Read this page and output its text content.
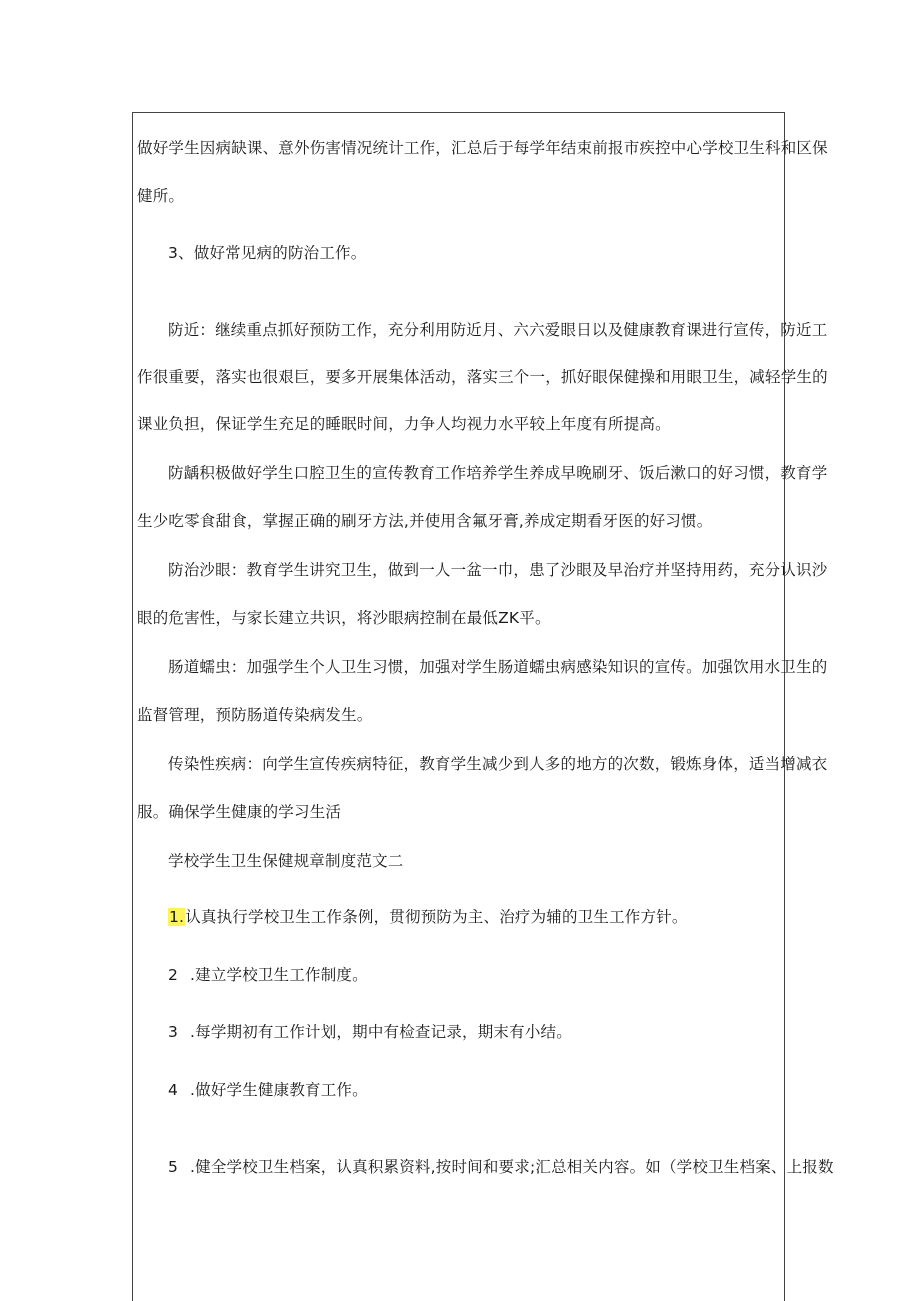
做好学生因病缺课、意外伤害情况统计工作，汇总后于每学年结束前报市疾控中心学校卫生科和区保
健所。
3、做好常见病的防治工作。
防近：继续重点抓好预防工作，充分利用防近月、六六爱眼日以及健康教育课进行宣传，防近工
作很重要，落实也很艰巨，要多开展集体活动，落实三个一，抓好眼保健操和用眼卫生，减轻学生的
课业负担，保证学生充足的睡眠时间，力争人均视力水平较上年度有所提高。
防龋积极做好学生口腔卫生的宣传教育工作培养学生养成早晚刷牙、饭后漱口的好习惯，教育学
生少吃零食甜食，掌握正确的刷牙方法,并使用含氟牙膏,养成定期看牙医的好习惯。
防治沙眼：教育学生讲究卫生，做到一人一盆一巾，患了沙眼及早治疗并坚持用药，充分认识沙
眼的危害性，与家长建立共识，将沙眼病控制在最低ZK平。
肠道蠕虫：加强学生个人卫生习惯，加强对学生肠道蠕虫病感染知识的宣传。加强饮用水卫生的
监督管理，预防肠道传染病发生。
传染性疾病：向学生宣传疾病特征，教育学生减少到人多的地方的次数，锻炼身体，适当增减衣
服。确保学生健康的学习生活
学校学生卫生保健规章制度范文二
1.认真执行学校卫生工作条例，贯彻预防为主、治疗为辅的卫生工作方针。
2 .建立学校卫生工作制度。
3 .每学期初有工作计划，期中有检查记录，期末有小结。
4 .做好学生健康教育工作。
5 .健全学校卫生档案，认真积累资料,按时间和要求;汇总相关内容。如（学校卫生档案、上报数
